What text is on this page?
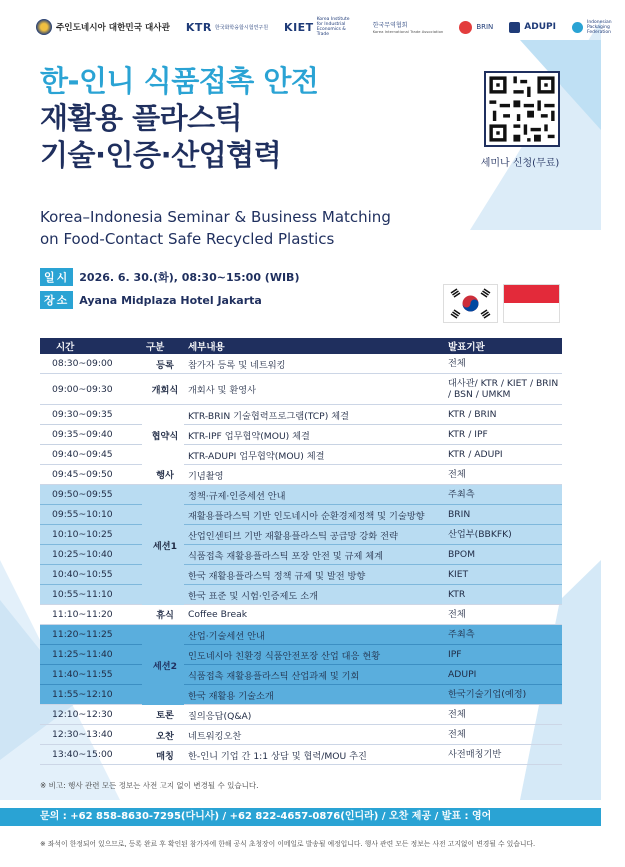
주인도네시아 대한민국 대사관 KTR 한국화학융합시험연구원 KIET
Korea Institute for Industrial Economics & Trade
한국무역협회
Korea International Trade Association
BRIN	ADUPI	Indonesian Packaging Federation
한-인니 식품접촉 안전
재활용 플라스틱
기술·인증·산업협력
Korea–Indonesia Seminar & Business Matching
on Food-Contact Safe Recycled Plastics
세미나 신청(무료)
일시 2026. 6. 30.(화), 08:30~15:00 (WIB)
장소 Ayana Midplaza Hotel Jakarta
시간	구분	세부내용	발표기관
08:30~09:00	등록	참가자 등록 및 네트워킹	전체
09:00~09:30	개회식	개회사 및 환영사	대사관/ KTR / KIET / BRIN / BSN / UMKM
09:30~09:35	협약식	KTR-BRIN 기술협력프로그램(TCP) 체결	KTR / BRIN
09:35~09:40		KTR-IPF 업무협약(MOU) 체결	KTR / IPF
09:40~09:45		KTR-ADUPI 업무협약(MOU) 체결	KTR / ADUPI
09:45~09:50	행사	기념촬영	전체
09:50~09:55	세션1	정책·규제·인증세션 안내	주최측
09:55~10:10		재활용플라스틱 기반 인도네시아 순환경제정책 및 기술방향	BRIN
10:10~10:25		산업인센티브 기반 재활용플라스틱 공급망 강화 전략	산업부(BBKFK)
10:25~10:40		식품접촉 재활용플라스틱 포장 안전 및 규제 체계	BPOM
10:40~10:55		한국 재활용플라스틱 정책 규제 및 발전 방향	KIET
10:55~11:10		한국 표준 및 시험·인증제도 소개	KTR
11:10~11:20	휴식	Coffee Break	전체
11:20~11:25	세션2	산업·기술세션 안내	주최측
11:25~11:40		인도네시아 친환경 식품안전포장 산업 대응 현황	IPF
11:40~11:55		식품접촉 재활용플라스틱 산업과제 및 기회	ADUPI
11:55~12:10		한국 재활용 기술소개	한국기술기업(예정)
12:10~12:30	토론	질의응답(Q&A)	전체
12:30~13:40	오찬	네트워킹오찬	전체
13:40~15:00	매칭	한-인니 기업 간 1:1 상담 및 협력/MOU 추진	사전매칭기반
※ 비고: 행사 관련 모든 정보는 사전 고지 없이 변경될 수 있습니다.
문의 : +62 858-8630-7295(다니사) / +62 822-4657-0876(인디라) / 오찬 제공 / 발표 : 영어
※ 좌석이 한정되어 있으므로, 등록 완료 후 확인된 참가자에 한해 공식 초청장이 이메일로 발송될 예정입니다. 행사 관련 모든 정보는 사전 고지없이 변경될 수 있습니다.
